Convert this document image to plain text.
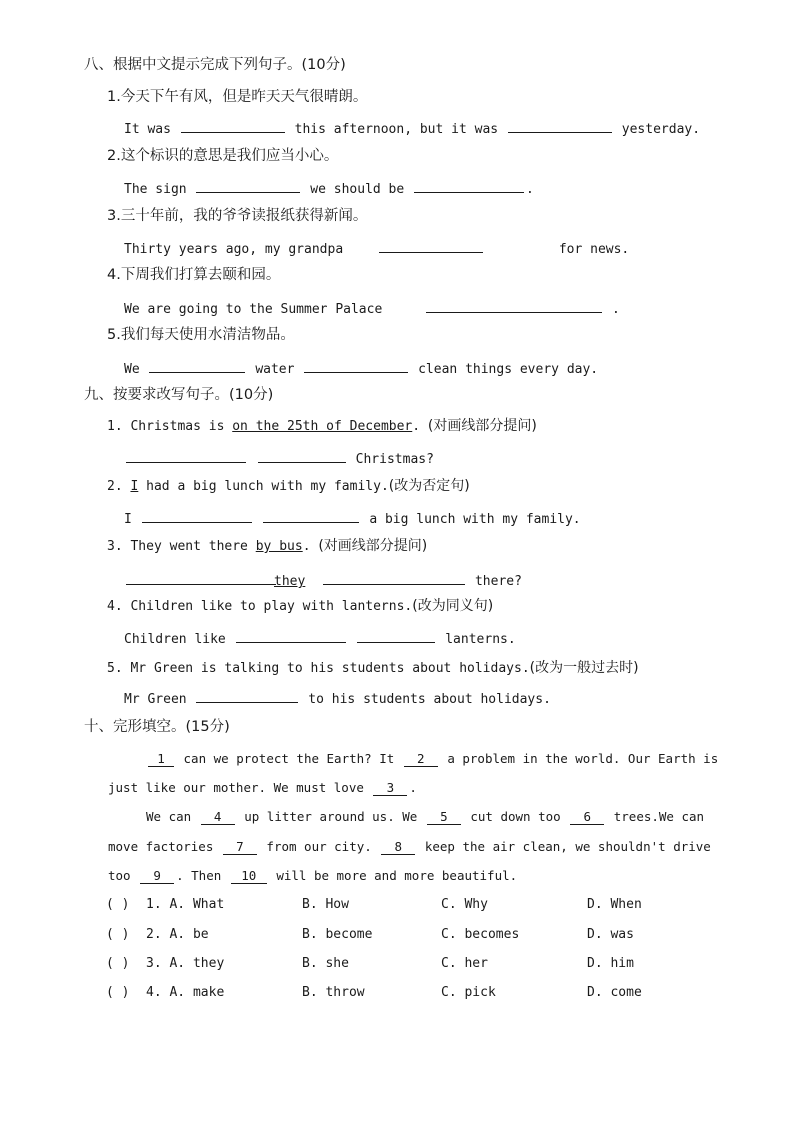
八、根据中文提示完成下列句子。(10分)
1.今天下午有风，但是昨天天气很晴朗。
It was	this afternoon, but it was	yesterday.
2.这个标识的意思是我们应当小心。
The sign	we should be	.
3.三十年前，我的爷爷读报纸获得新闻。
Thirty years ago, my grandpa	for news.
4.下周我们打算去颐和园。
We are going to the Summer Palace	.
5.我们每天使用水清洁物品。
We	water	clean things every day.
九、按要求改写句子。(10分)
1. Christmas is on the 25th of December. (对画线部分提问)
Christmas?
2. I had a big lunch with my family.(改为否定句)
I	a big lunch with my family.
3. They went there by bus. (对画线部分提问)
they	there?
4. Children like to play with lanterns.(改为同义句)
Children like	lanterns.
5. Mr Green is talking to his students about holidays.(改为一般过去时)
Mr Green	to his students about holidays.
十、完形填空。(15分)
1 can we protect the Earth? It 2 a problem in the world. Our Earth is
just like our mother. We must love 3 .
We can 4 up litter around us. We 5 cut down too 6 trees.We can
move factories 7 from our city. 8 keep the air clean, we shouldn't drive
too 9 . Then 10 will be more and more beautiful.
( ) 1. A. What	B. How	C. Why	D. When
( ) 2. A. be	B. become	C. becomes	D. was
( ) 3. A. they	B. she	C. her	D. him
( ) 4. A. make	B. throw	C. pick	D. come
